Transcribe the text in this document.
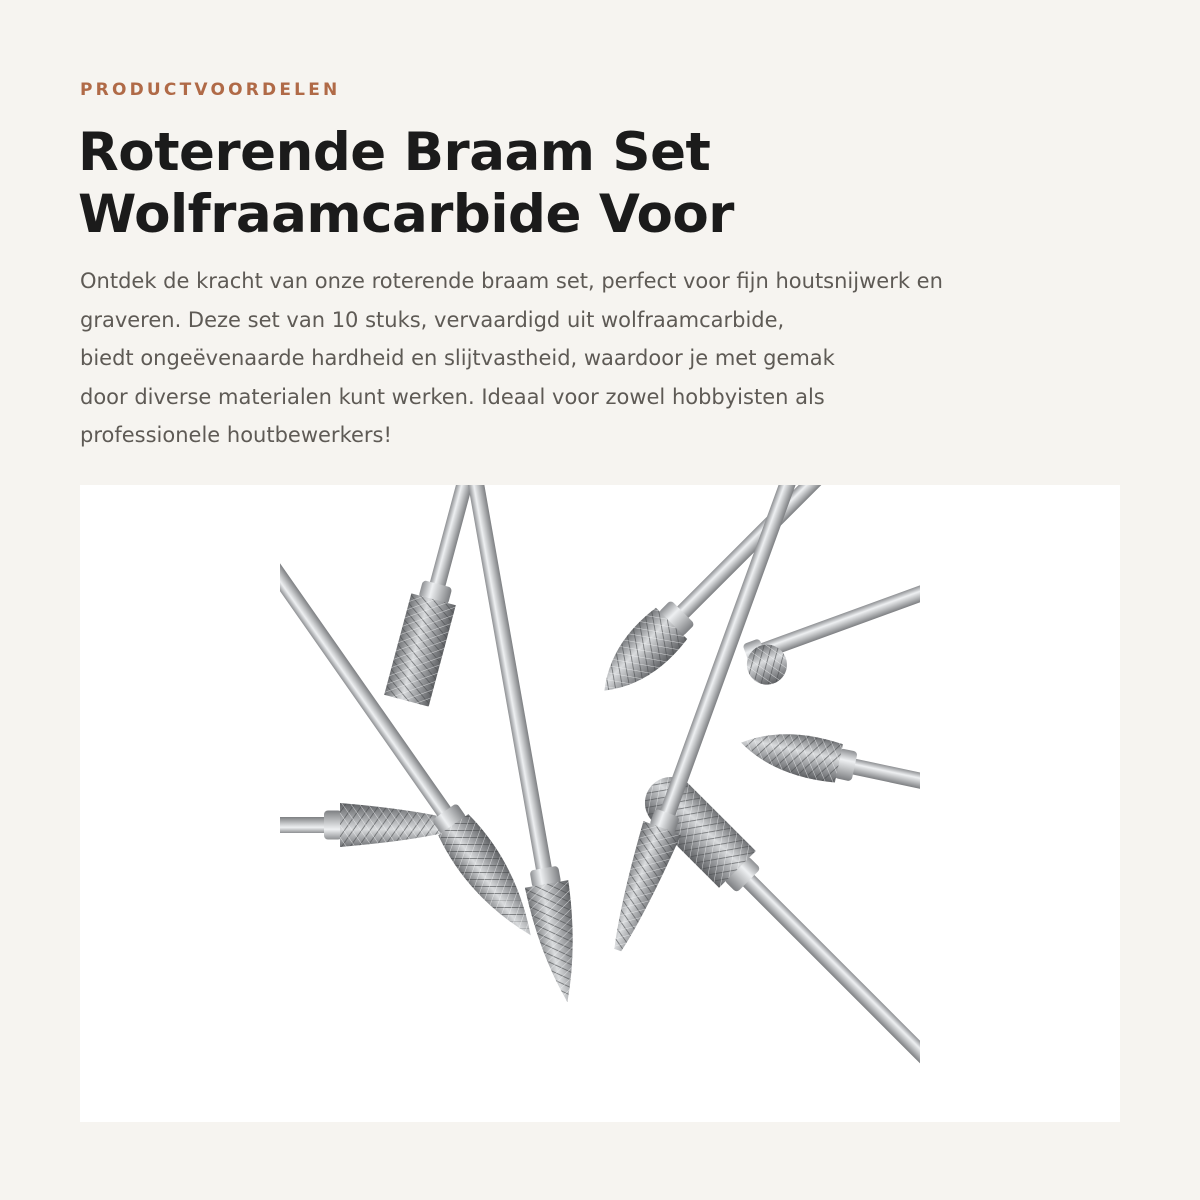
PRODUCTVOORDELEN

Roterende Braam Set
Wolfraamcarbide Voor

Ontdek de kracht van onze roterende braam set, perfect voor fijn houtsnijwerk en
graveren. Deze set van 10 stuks, vervaardigd uit wolfraamcarbide,
biedt ongeëvenaarde hardheid en slijtvastheid, waardoor je met gemak
door diverse materialen kunt werken. Ideaal voor zowel hobbyisten als
professionele houtbewerkers!
